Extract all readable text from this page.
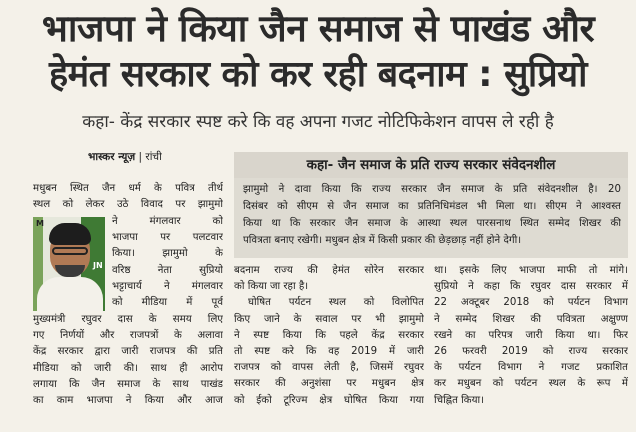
भाजपा ने किया जैन समाज से पाखंड और
हेमंत सरकार को कर रही बदनाम : सुप्रियो
कहा- केंद्र सरकार स्पष्ट करे कि वह अपना गजट नोटिफिकेशन वापस ले रही है
भास्कर न्यूज़ | रांची	कहा- जैन समाज के प्रति राज्य सरकार संवेदनशील
झामुमो ने दावा किया कि राज्य सरकार जैन समाज के प्रति संवेदनशील है। 20
दिसंबर को सीएम से जैन समाज का प्रतिनिधिमंडल भी मिला था। सीएम ने आश्वस्त
किया था कि सरकार जैन समाज के आस्था स्थल पारसनाथ स्थित सम्मेद शिखर की
पवित्रता बनाए रखेगी। मधुबन क्षेत्र में किसी प्रकार की छेड़छाड़ नहीं होने देगी।
M
JN
मधुबन स्थित जैन धर्म के पवित्र तीर्थ
स्थल को लेकर उठे विवाद पर झामुमो
ने मंगलवार को
भाजपा पर पलटवार
किया। झामुमो के
वरिष्ठ नेता सुप्रियो
भट्टाचार्य ने मंगलवार
को मीडिया में पूर्व
मुख्यमंत्री रघुवर दास के समय लिए
गए निर्णयों और राजपत्रों के अलावा
केंद्र सरकार द्वारा जारी राजपत्र की प्रति
मीडिया को जारी की। साथ ही आरोप
लगाया कि जैन समाज के साथ पाखंड
का काम भाजपा ने किया और आज
बदनाम राज्य की हेमंत सोरेन सरकार
को किया जा रहा है।
घोषित पर्यटन स्थल को विलोपित
किए जाने के सवाल पर भी झामुमो
ने स्पष्ट किया कि पहले केंद्र सरकार
तो स्पष्ट करे कि वह 2019 में जारी
राजपत्र को वापस लेती है, जिसमें रघुवर
सरकार की अनुशंसा पर मधुबन क्षेत्र
को ईको टूरिज्म क्षेत्र घोषित किया गया
था। इसके लिए भाजपा माफी तो मांगे।
सुप्रियो ने कहा कि रघुवर दास सरकार में
22 अक्टूबर 2018 को पर्यटन विभाग
ने सम्मेद शिखर की पवित्रता अक्षुण्ण
रखने का परिपत्र जारी किया था। फिर
26 फरवरी 2019 को राज्य सरकार
के पर्यटन विभाग ने गजट प्रकाशित
कर मधुबन को पर्यटन स्थल के रूप में
चिह्नित किया।
